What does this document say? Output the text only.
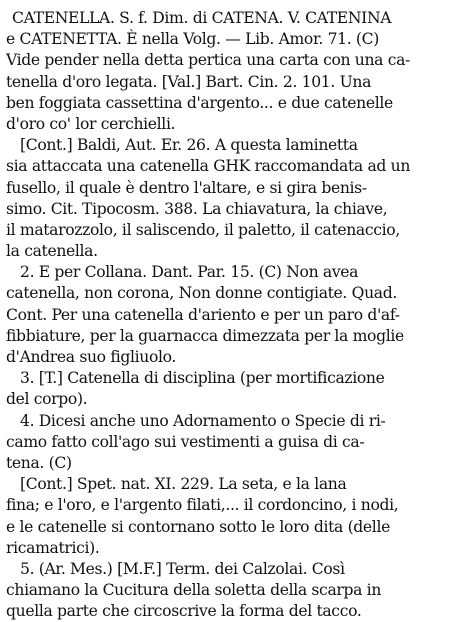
CATENELLA. S. f. Dim. di CATENA. V. CATENINA
e CATENETTA. È nella Volg. — Lib. Amor. 71. (C)
Vide pender nella detta pertica una carta con una ca-
tenella d'oro legata. [Val.] Bart. Cin. 2. 101. Una
ben foggiata cassettina d'argento... e due catenelle
d'oro co' lor cerchielli.
[Cont.] Baldi, Aut. Er. 26. A questa laminetta
sia attaccata una catenella GHK raccomandata ad un
fusello, il quale è dentro l'altare, e si gira benis-
simo. Cit. Tipocosm. 388. La chiavatura, la chiave,
il matarozzolo, il saliscendo, il paletto, il catenaccio,
la catenella.
2. E per Collana. Dant. Par. 15. (C) Non avea
catenella, non corona, Non donne contigiate. Quad.
Cont. Per una catenella d'ariento e per un paro d'af-
fibbiature, per la guarnacca dimezzata per la moglie
d'Andrea suo figliuolo.
3. [T.] Catenella di disciplina (per mortificazione
del corpo).
4. Dicesi anche uno Adornamento o Specie di ri-
camo fatto coll'ago sui vestimenti a guisa di ca-
tena. (C)
[Cont.] Spet. nat. XI. 229. La seta, e la lana
fina; e l'oro, e l'argento filati,... il cordoncino, i nodi,
e le catenelle si contornano sotto le loro dita (delle
ricamatrici).
5. (Ar. Mes.) [M.F.] Term. dei Calzolai. Così
chiamano la Cucitura della soletta della scarpa in
quella parte che circoscrive la forma del tacco.
